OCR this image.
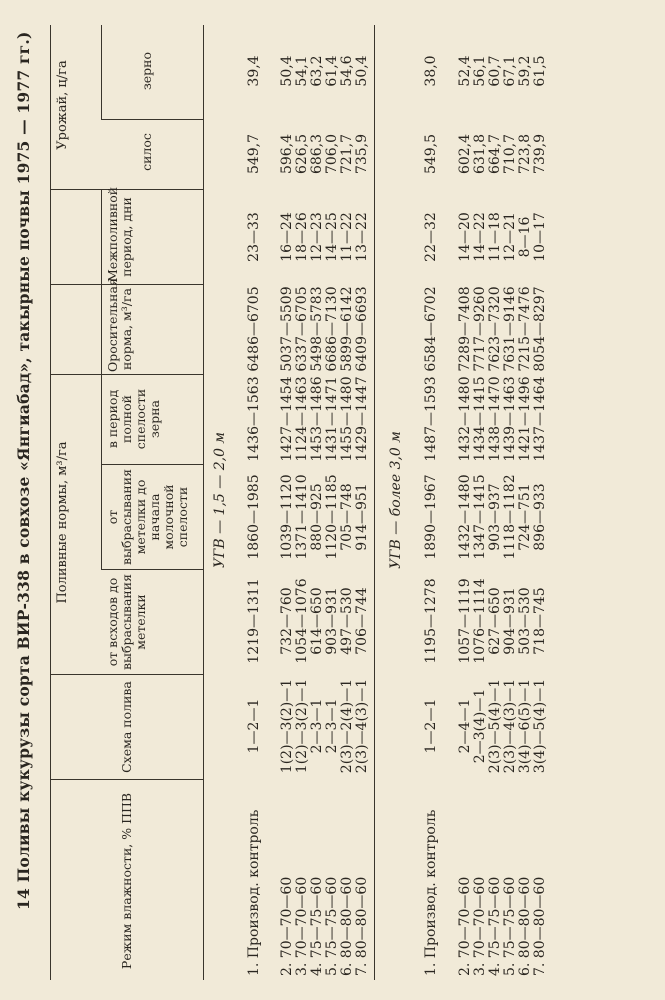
14 Поливы кукурузы сорта ВИР-338 в совхозе «Янгиабад», такырные почвы 1975 — 1977 гг.)	Режим влажности, % ППВ
Схема полива
Поливные нормы, м³/га
от всходов до выбрасывания метелки
от выбрасывания метелки до начала молочной спелости
в период полной спелости зерна
Оросительная норма, м³/га
Межполивной период, дни
Урожай, ц/га
силос
зерно
УГВ — 1,5 — 2,0 м
1. Производ. контроль
1—2—1
1219—1311
1860—1985
1436—1563
6486—6705
23—33
549,7
39,4
2. 70—70—60 3. 70—70—60 4. 75—75—60 5. 75—75—60 6. 80—80—60 7. 80—80—60
1(2)—3(2)—1 1(2)—3(2)—1 2—3—1 2—3—1 2(3)—2(4)—1 2(3)—4(3)—1
732—760 1054—1076 614—650 903—931 497—530 706—744
1039—1120 1371—1410 880—925 1120—1185 705—748 914—951
1427—1454 1124—1463 1453—1486 1431—1471 1455—1480 1429—1447
5037—5509 6337—6705 5498—5783 6686—7130 5899—6142 6409—6693
16—24 18—26 12—23 14—25 11—22 13—22
596,4 626,5 686,3 706,0 721,7 735,9
50,4 54,1 63,2 61,4 54,6 50,4
УГВ — более 3,0 м
1. Производ. контроль
1—2—1
1195—1278
1890—1967
1487—1593
6584—6702
22—32
549,5
38,0
2. 70—70—60 3. 70—70—60 4. 75—75—60 5. 75—75—60 6. 80—80—60 7. 80—80—60
2—4—1 2—3(4)—1 2(3)—5(4)—1 2(3)—4(3)—1 3(4)—6(5)—1 3(4)—5(4)—1
1057—1119 1076—1114 627—650 904—931 503—530 718—745
1432—1480 1347—1415 903—937 1118—1182 724—751 896—933
1432—1480 1434—1415 1438—1470 1439—1463 1421—1496 1437—1464
7289—7408 7717—9260 7623—7320 7631—9146 7215—7476 8054—8297
14—20 14—22 11—18 12—21 8—16 10—17
602,4 631,8 664,7 710,7 723,8 739,9
52,4 56,1 60,7 67,1 59,2 61,5
